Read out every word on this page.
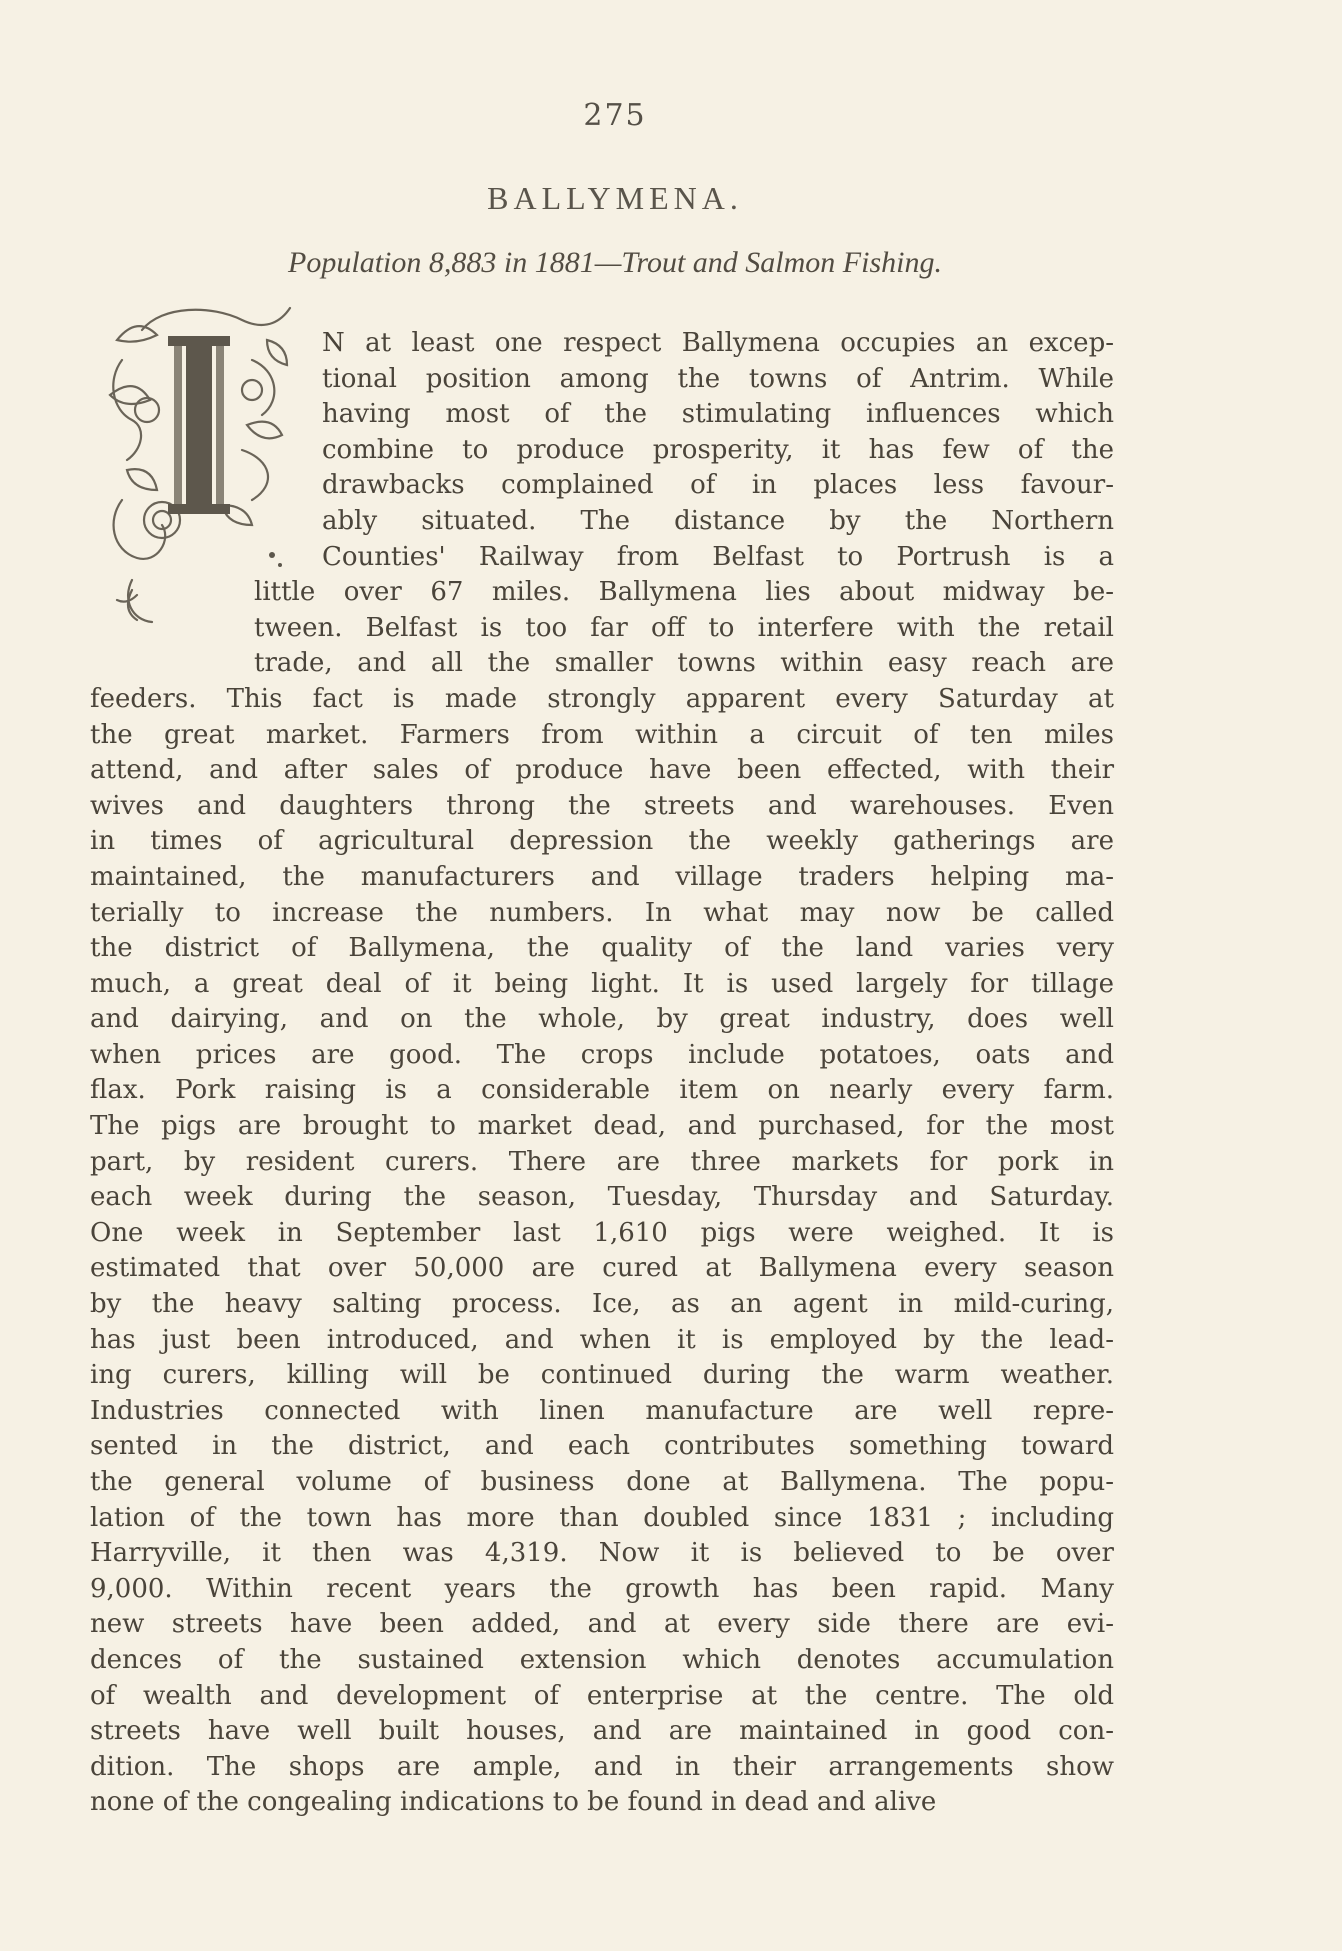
275
BALLYMENA.
Population 8,883 in 1881—Trout and Salmon Fishing.
N at least one respect Ballymena occupies an excep-
tional position among the towns of Antrim. While
having most of the stimulating influences which
combine to produce prosperity, it has few of the
drawbacks complained of in places less favour-
ably situated. The distance by the Northern
Counties' Railway from Belfast to Portrush is a
little over 67 miles. Ballymena lies about midway be-
tween. Belfast is too far off to interfere with the retail
trade, and all the smaller towns within easy reach are
feeders. This fact is made strongly apparent every Saturday at
the great market. Farmers from within a circuit of ten miles
attend, and after sales of produce have been effected, with their
wives and daughters throng the streets and warehouses. Even
in times of agricultural depression the weekly gatherings are
maintained, the manufacturers and village traders helping ma-
terially to increase the numbers. In what may now be called
the district of Ballymena, the quality of the land varies very
much, a great deal of it being light. It is used largely for tillage
and dairying, and on the whole, by great industry, does well
when prices are good. The crops include potatoes, oats and
flax. Pork raising is a considerable item on nearly every farm.
The pigs are brought to market dead, and purchased, for the most
part, by resident curers. There are three markets for pork in
each week during the season, Tuesday, Thursday and Saturday.
One week in September last 1,610 pigs were weighed. It is
estimated that over 50,000 are cured at Ballymena every season
by the heavy salting process. Ice, as an agent in mild-curing,
has just been introduced, and when it is employed by the lead-
ing curers, killing will be continued during the warm weather.
Industries connected with linen manufacture are well repre-
sented in the district, and each contributes something toward
the general volume of business done at Ballymena. The popu-
lation of the town has more than doubled since 1831 ; including
Harryville, it then was 4,319. Now it is believed to be over
9,000. Within recent years the growth has been rapid. Many
new streets have been added, and at every side there are evi-
dences of the sustained extension which denotes accumulation
of wealth and development of enterprise at the centre. The old
streets have well built houses, and are maintained in good con-
dition. The shops are ample, and in their arrangements show
none of the congealing indications to be found in dead and alive
